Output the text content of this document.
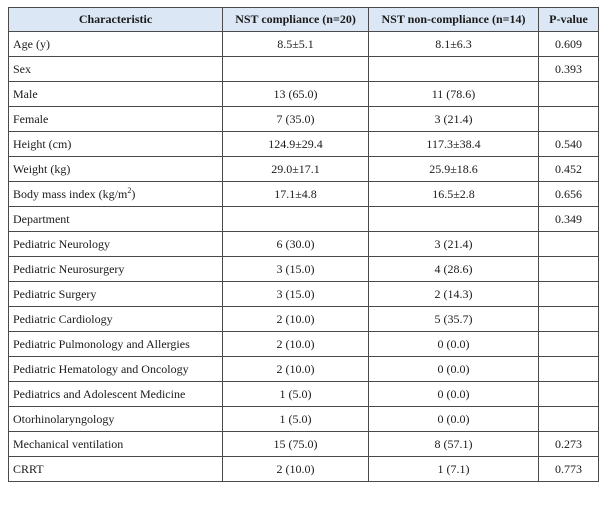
Characteristic	NST compliance (n=20)	NST non-compliance (n=14)	P-value
Age (y)	8.5±5.1	8.1±6.3	0.609
Sex			0.393
Male	13 (65.0)	11 (78.6)	
Female	7 (35.0)	3 (21.4)	
Height (cm)	124.9±29.4	117.3±38.4	0.540
Weight (kg)	29.0±17.1	25.9±18.6	0.452
Body mass index $(kg/m^2)$	17.1±4.8	16.5±2.8	0.656
Department			0.349
Pediatric Neurology	6 (30.0)	3 (21.4)	
Pediatric Neurosurgery	3 (15.0)	4 (28.6)	
Pediatric Surgery	3 (15.0)	2 (14.3)	
Pediatric Cardiology	2 (10.0)	5 (35.7)	
Pediatric Pulmonology and Allergies	2 (10.0)	0 (0.0)	
Pediatric Hematology and Oncology	2 (10.0)	0 (0.0)	
Pediatrics and Adolescent Medicine	1 (5.0)	0 (0.0)	
Otorhinolaryngology	1 (5.0)	0 (0.0)	
Mechanical ventilation	15 (75.0)	8 (57.1)	0.273
CRRT	2 (10.0)	1 (7.1)	0.773
